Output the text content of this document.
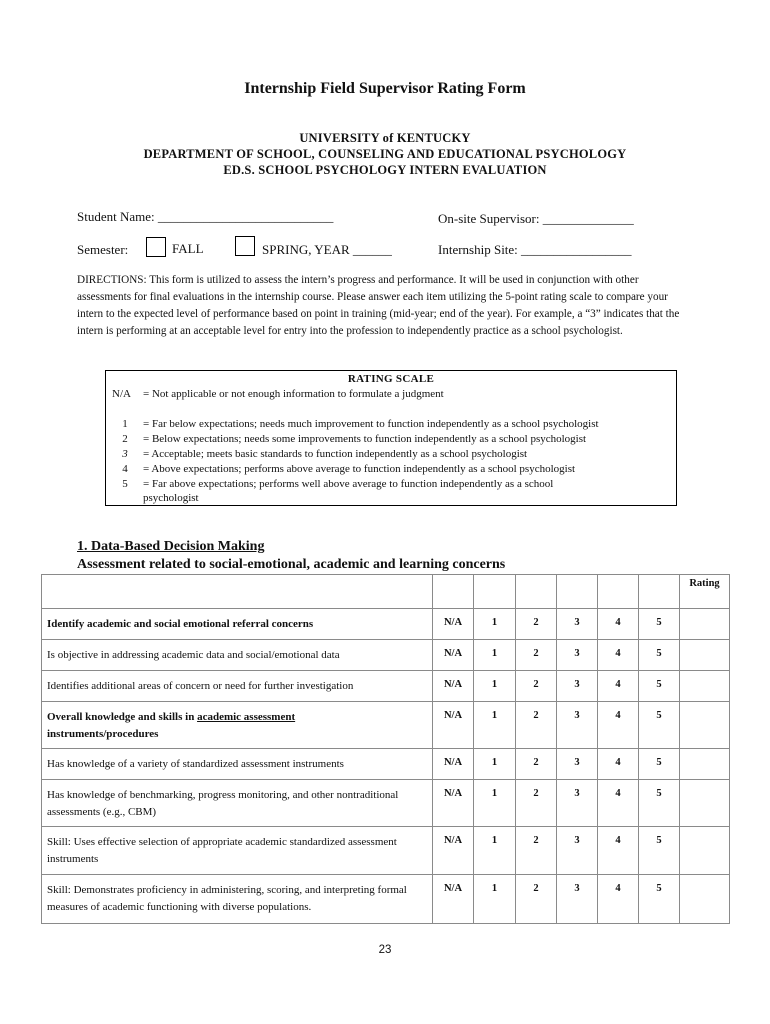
Internship Field Supervisor Rating Form
UNIVERSITY of KENTUCKY
DEPARTMENT OF SCHOOL, COUNSELING AND EDUCATIONAL PSYCHOLOGY
ED.S. SCHOOL PSYCHOLOGY INTERN EVALUATION
Student Name: ___________________________	On-site Supervisor: ______________
Semester:	FALL	SPRING, YEAR ______	Internship Site: _________________
DIRECTIONS: This form is utilized to assess the intern’s progress and performance. It will be used in conjunction with other assessments for final evaluations in the internship course. Please answer each item utilizing the 5-point rating scale to compare your intern to the expected level of performance based on point in training (mid-year; end of the year). For example, a “3” indicates that the intern is performing at an acceptable level for entry into the profession to independently practice as a school psychologist.
RATING SCALE
N/A = Not applicable or not enough information to formulate a judgment
1	= Far below expectations; needs much improvement to function independently as a school psychologist
2	= Below expectations; needs some improvements to function independently as a school psychologist
3	= Acceptable; meets basic standards to function independently as a school psychologist
4	= Above expectations; performs above average to function independently as a school psychologist
5	= Far above expectations; performs well above average to function independently as a school
psychologist
1. Data-Based Decision Making
Assessment related to social-emotional, academic and learning concerns
							Rating
Identify academic and social emotional referral concerns	N/A	1	2	3	4	5	
Is objective in addressing academic data and social/emotional data	N/A	1	2	3	4	5	
Identifies additional areas of concern or need for further investigation	N/A	1	2	3	4	5	
Overall knowledge and skills in academic assessment
instruments/procedures	N/A	1	2	3	4	5	
Has knowledge of a variety of standardized assessment instruments	N/A	1	2	3	4	5	
Has knowledge of benchmarking, progress monitoring, and other nontraditional assessments (e.g., CBM)	N/A	1	2	3	4	5	
Skill: Uses effective selection of appropriate academic standardized assessment instruments	N/A	1	2	3	4	5	
Skill: Demonstrates proficiency in administering, scoring, and interpreting formal measures of academic functioning with diverse populations.	N/A	1	2	3	4	5	
23
